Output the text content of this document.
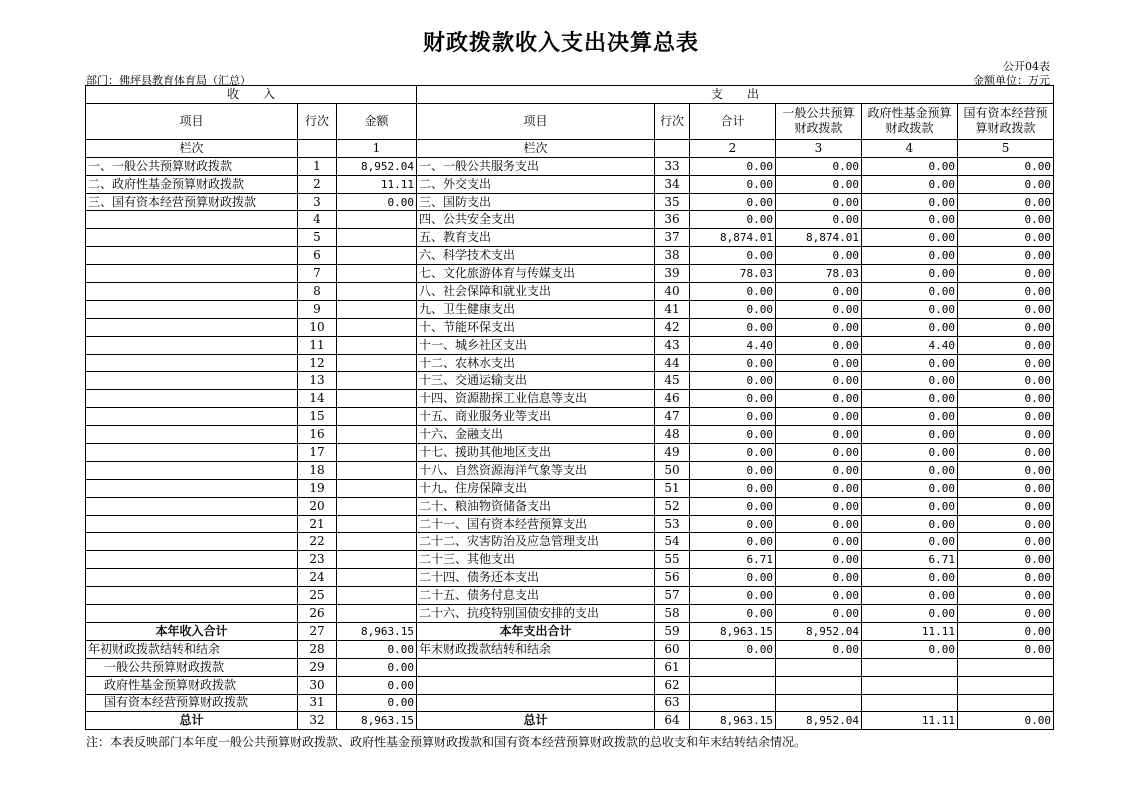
财政拨款收入支出决算总表
公开04表
部门：佛坪县教育体育局（汇总）	金额单位：万元
收　　入			支　　出					
项目	行次	金额	项目	行次	合计	一般公共预算财政拨款	政府性基金预算财政拨款	国有资本经营预算财政拨款
栏次		1	栏次		2	3	4	5
一、一般公共预算财政拨款	1	8,952.04	一、一般公共服务支出	33	0.00	0.00	0.00	0.00
二、政府性基金预算财政拨款	2	11.11	二、外交支出	34	0.00	0.00	0.00	0.00
三、国有资本经营预算财政拨款	3	0.00	三、国防支出	35	0.00	0.00	0.00	0.00
	4		四、公共安全支出	36	0.00	0.00	0.00	0.00
	5		五、教育支出	37	8,874.01	8,874.01	0.00	0.00
	6		六、科学技术支出	38	0.00	0.00	0.00	0.00
	7		七、文化旅游体育与传媒支出	39	78.03	78.03	0.00	0.00
	8		八、社会保障和就业支出	40	0.00	0.00	0.00	0.00
	9		九、卫生健康支出	41	0.00	0.00	0.00	0.00
	10		十、节能环保支出	42	0.00	0.00	0.00	0.00
	11		十一、城乡社区支出	43	4.40	0.00	4.40	0.00
	12		十二、农林水支出	44	0.00	0.00	0.00	0.00
	13		十三、交通运输支出	45	0.00	0.00	0.00	0.00
	14		十四、资源勘探工业信息等支出	46	0.00	0.00	0.00	0.00
	15		十五、商业服务业等支出	47	0.00	0.00	0.00	0.00
	16		十六、金融支出	48	0.00	0.00	0.00	0.00
	17		十七、援助其他地区支出	49	0.00	0.00	0.00	0.00
	18		十八、自然资源海洋气象等支出	50	0.00	0.00	0.00	0.00
	19		十九、住房保障支出	51	0.00	0.00	0.00	0.00
	20		二十、粮油物资储备支出	52	0.00	0.00	0.00	0.00
	21		二十一、国有资本经营预算支出	53	0.00	0.00	0.00	0.00
	22		二十二、灾害防治及应急管理支出	54	0.00	0.00	0.00	0.00
	23		二十三、其他支出	55	6.71	0.00	6.71	0.00
	24		二十四、债务还本支出	56	0.00	0.00	0.00	0.00
	25		二十五、债务付息支出	57	0.00	0.00	0.00	0.00
	26		二十六、抗疫特别国债安排的支出	58	0.00	0.00	0.00	0.00
本年收入合计	27	8,963.15	本年支出合计	59	8,963.15	8,952.04	11.11	0.00
年初财政拨款结转和结余	28	0.00	年末财政拨款结转和结余	60	0.00	0.00	0.00	0.00
一般公共预算财政拨款	29	0.00		61				
政府性基金预算财政拨款	30	0.00		62				
国有资本经营预算财政拨款	31	0.00		63				
总计	32	8,963.15	总计	64	8,963.15	8,952.04	11.11	0.00
注：本表反映部门本年度一般公共预算财政拨款、政府性基金预算财政拨款和国有资本经营预算财政拨款的总收支和年末结转结余情况。
